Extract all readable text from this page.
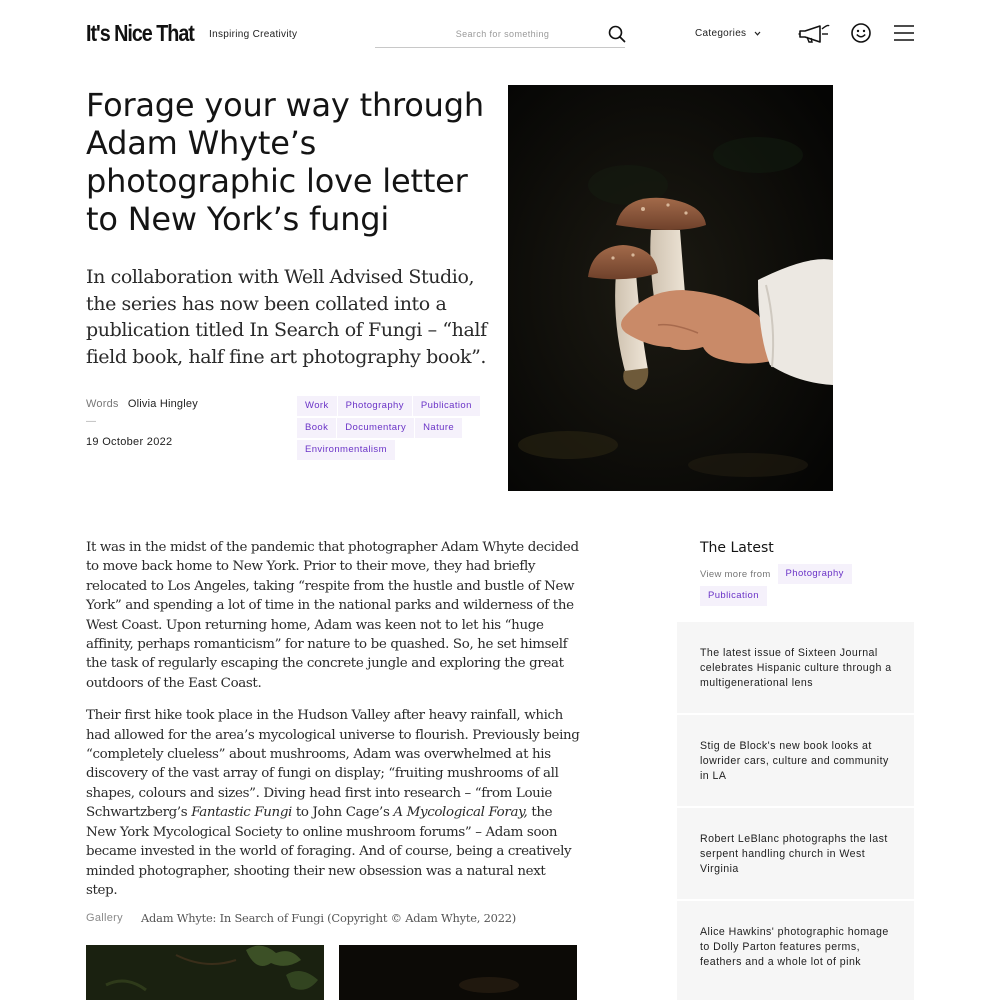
It's Nice That Inspiring Creativity
Search for something	Categories
Forage your way through Adam Whyte’s photographic love letter to New York’s fungi

In collaboration with Well Advised Studio, the series has now been collated into a publication titled In Search of Fungi – “half field book, half fine art photography book”.

Words Olivia Hingley
—
19 October 2022
Work	Photography	Publication
Book	Documentary	Nature
Environmentalism

It was in the midst of the pandemic that photographer Adam Whyte decided to move back home to New York. Prior to their move, they had briefly relocated to Los Angeles, taking “respite from the hustle and bustle of New York” and spending a lot of time in the national parks and wilderness of the West Coast. Upon returning home, Adam was keen not to let his “huge affinity, perhaps romanticism” for nature to be quashed. So, he set himself the task of regularly escaping the concrete jungle and exploring the great outdoors of the East Coast.

Their first hike took place in the Hudson Valley after heavy rainfall, which had allowed for the area’s mycological universe to flourish. Previously being “completely clueless” about mushrooms, Adam was overwhelmed at his discovery of the vast array of fungi on display; “fruiting mushrooms of all shapes, colours and sizes”. Diving head first into research – “from Louie Schwartzberg’s Fantastic Fungi to John Cage’s A Mycological Foray, the New York Mycological Society to online mushroom forums” – Adam soon became invested in the world of foraging. And of course, being a creatively minded photographer, shooting their new obsession was a natural next step.

Gallery Adam Whyte: In Search of Fungi (Copyright © Adam Whyte, 2022)
The Latest
View more from	Photography
Publication
The latest issue of Sixteen Journal celebrates Hispanic culture through a multigenerational lens
Stig de Block's new book looks at lowrider cars, culture and community in LA
Robert LeBlanc photographs the last serpent handling church in West Virginia
Alice Hawkins' photographic homage to Dolly Parton features perms, feathers and a whole lot of pink
